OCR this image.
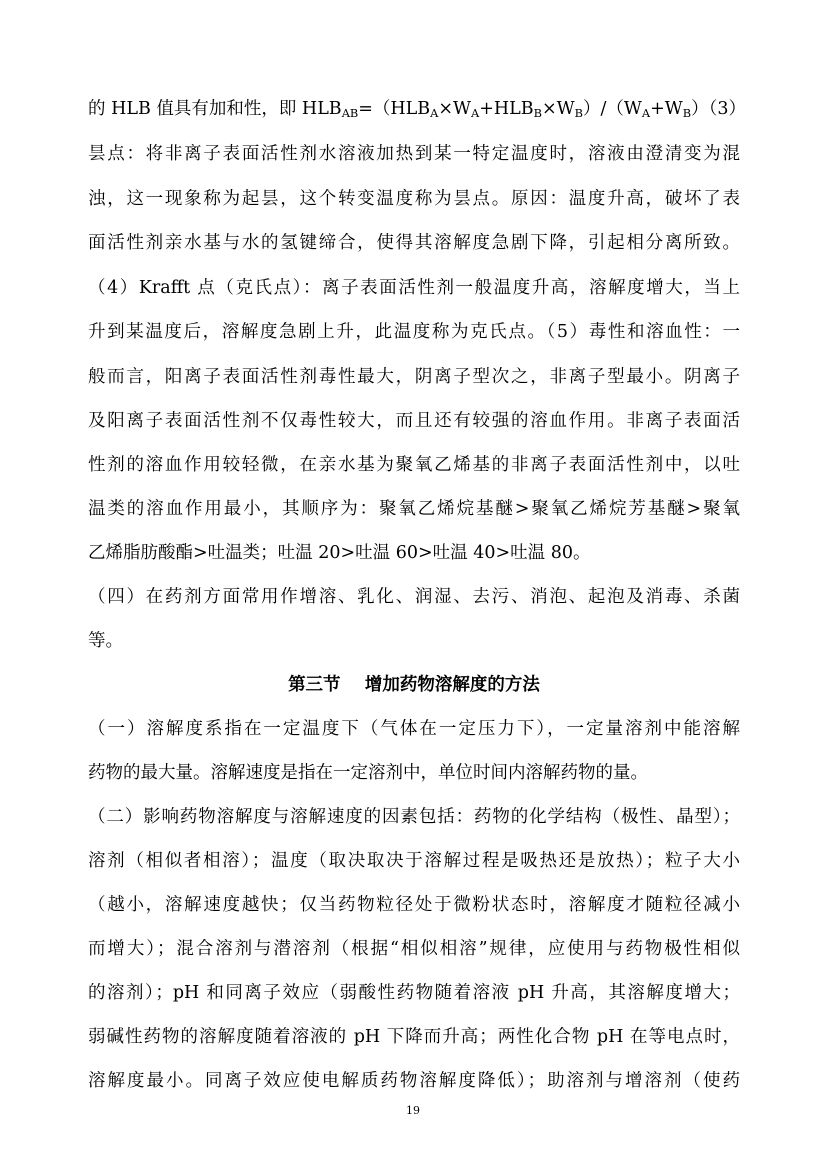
的 HLB 值具有加和性，即 $HLB_{AB}=(HLB_A\times W_A+HLB_B\times W_B)/(W_A+W_B)(3)$
昙点：将非离子表面活性剂水溶液加热到某一特定温度时，溶液由澄清变为混
浊，这一现象称为起昙，这个转变温度称为昙点。原因：温度升高，破坏了表
面活性剂亲水基与水的氢键缔合，使得其溶解度急剧下降，引起相分离所致。
（4）Krafft 点（克氏点）：离子表面活性剂一般温度升高，溶解度增大，当上
升到某温度后，溶解度急剧上升，此温度称为克氏点。（5）毒性和溶血性：一
般而言，阳离子表面活性剂毒性最大，阴离子型次之，非离子型最小。阴离子
及阳离子表面活性剂不仅毒性较大，而且还有较强的溶血作用。非离子表面活
性剂的溶血作用较轻微，在亲水基为聚氧乙烯基的非离子表面活性剂中，以吐
温类的溶血作用最小，其顺序为：聚氧乙烯烷基醚>聚氧乙烯烷芳基醚>聚氧
乙烯脂肪酸酯>吐温类；吐温 20>吐温 60>吐温 40>吐温 80。
（四）在药剂方面常用作增溶、乳化、润湿、去污、消泡、起泡及消毒、杀菌
等。
第三节    增加药物溶解度的方法
（一）溶解度系指在一定温度下（气体在一定压力下），一定量溶剂中能溶解
药物的最大量。溶解速度是指在一定溶剂中，单位时间内溶解药物的量。
（二）影响药物溶解度与溶解速度的因素包括：药物的化学结构（极性、晶型）；
溶剂（相似者相溶）；温度（取决取决于溶解过程是吸热还是放热）；粒子大小
（越小，溶解速度越快；仅当药物粒径处于微粉状态时，溶解度才随粒径减小
而增大）；混合溶剂与潜溶剂（根据“相似相溶”规律，应使用与药物极性相似
的溶剂）；pH 和同离子效应（弱酸性药物随着溶液 pH 升高，其溶解度增大；
弱碱性药物的溶解度随着溶液的 pH 下降而升高；两性化合物 pH 在等电点时，
溶解度最小。同离子效应使电解质药物溶解度降低）；助溶剂与增溶剂（使药
19
